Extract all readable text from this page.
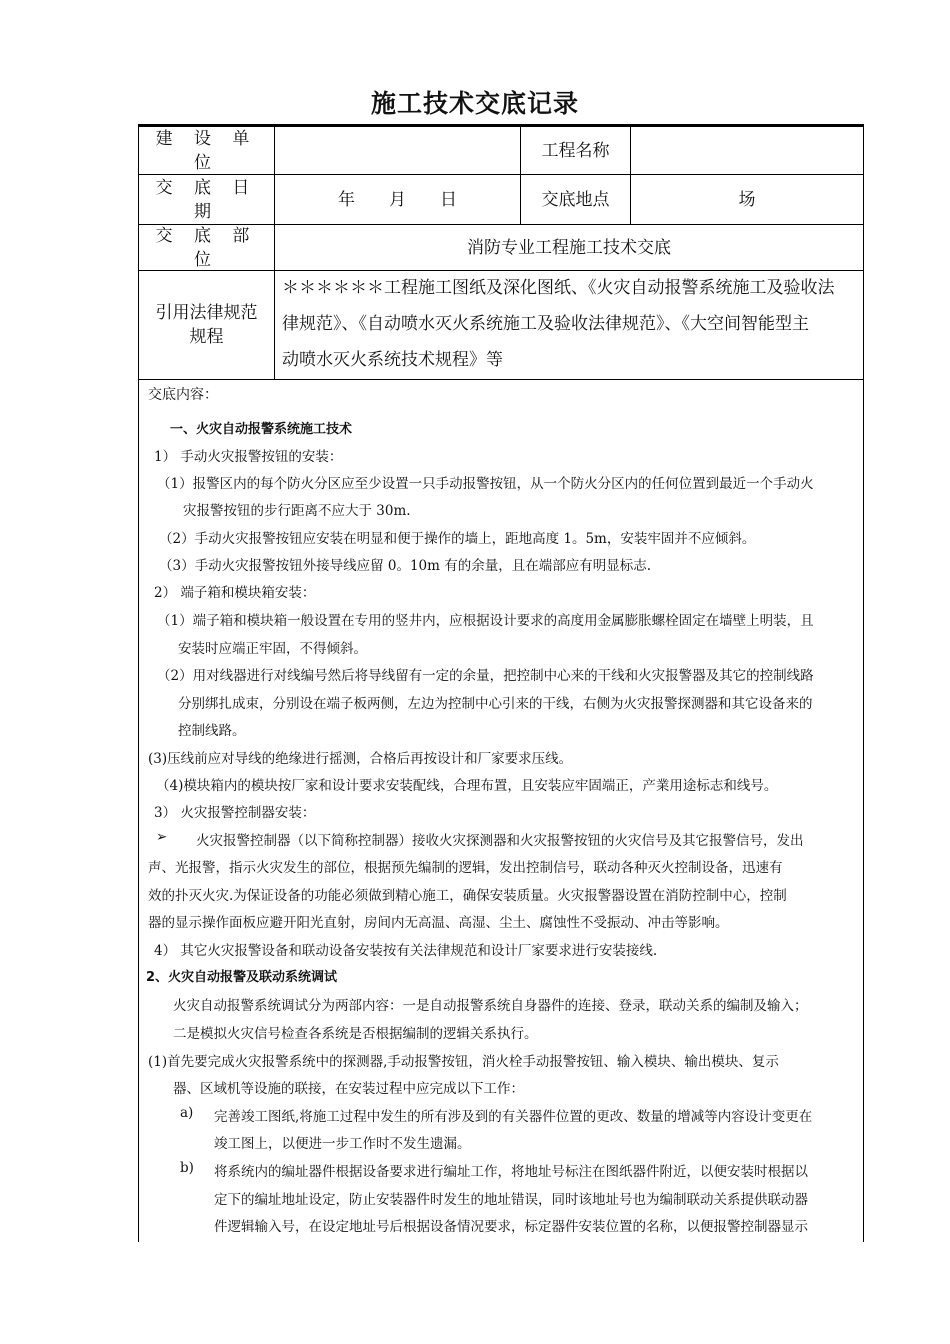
施工技术交底记录
建 设 单 位
工程名称
交 底 日 期
年　　月　　日	交底地点	场
交 底 部 位
消防专业工程施工技术交底
引用法律规范
规程
＊＊＊＊＊＊工程施工图纸及深化图纸、《火灾自动报警系统施工及验收法
律规范》、《自动喷水灭火系统施工及验收法律规范》、《大空间智能型主
动喷水灭火系统技术规程》等
交底内容：
一、火灾自动报警系统施工技术
1） 手动火灾报警按钮的安装：
（1）报警区内的每个防火分区应至少设置一只手动报警按钮，从一个防火分区内的任何位置到最近一个手动火
灾报警按钮的步行距离不应大于 30m.
（2）手动火灾报警按钮应安装在明显和便于操作的墙上，距地高度 1。5m，安装牢固并不应倾斜。
（3）手动火灾报警按钮外接导线应留 0。10m 有的余量，且在端部应有明显标志.
2） 端子箱和模块箱安装：
（1）端子箱和模块箱一般设置在专用的竖井内，应根据设计要求的高度用金属膨胀螺栓固定在墙壁上明装，且
安装时应端正牢固，不得倾斜。
（2）用对线器进行对线编号然后将导线留有一定的余量，把控制中心来的干线和火灾报警器及其它的控制线路
分别绑扎成束，分别设在端子板两侧，左边为控制中心引来的干线，右侧为火灾报警探测器和其它设备来的
控制线路。
(3)压线前应对导线的绝缘进行摇测，合格后再按设计和厂家要求压线。
（4)模块箱内的模块按厂家和设计要求安装配线，合理布置，且安装应牢固端正，产業用途标志和线号。
3） 火灾报警控制器安装：
➢ 火灾报警控制器（以下简称控制器）接收火灾探测器和火灾报警按钮的火灾信号及其它报警信号，发出
声、光报警，指示火灾发生的部位，根据预先编制的逻辑，发出控制信号，联动各种灭火控制设备，迅速有
效的扑灭火灾.为保证设备的功能必须做到精心施工，确保安装质量。火灾报警器设置在消防控制中心，控制
器的显示操作面板应避开阳光直射，房间内无高温、高湿、尘土、腐蚀性不受振动、冲击等影响。
4） 其它火灾报警设备和联动设备安装按有关法律规范和设计厂家要求进行安装接线.
2、火灾自动报警及联动系统调试
火灾自动报警系统调试分为两部内容：一是自动报警系统自身器件的连接、登录，联动关系的编制及输入；
二是模拟火灾信号检查各系统是否根据编制的逻辑关系执行。
(1)首先要完成火灾报警系统中的探测器,手动报警按钮，消火栓手动报警按钮、输入模块、输出模块、复示
器、区域机等设施的联接，在安装过程中应完成以下工作：
a) 完善竣工图纸,将施工过程中发生的所有涉及到的有关器件位置的更改、数量的增减等内容设计变更在
竣工图上，以便进一步工作时不发生遗漏。
b) 将系统内的编址器件根据设备要求进行编址工作，将地址号标注在图纸器件附近，以便安装时根据以
定下的编址地址设定，防止安装器件时发生的地址错误，同时该地址号也为编制联动关系提供联动器
件逻辑输入号，在设定地址号后根据设备情况要求，标定器件安装位置的名称，以便报警控制器显示
